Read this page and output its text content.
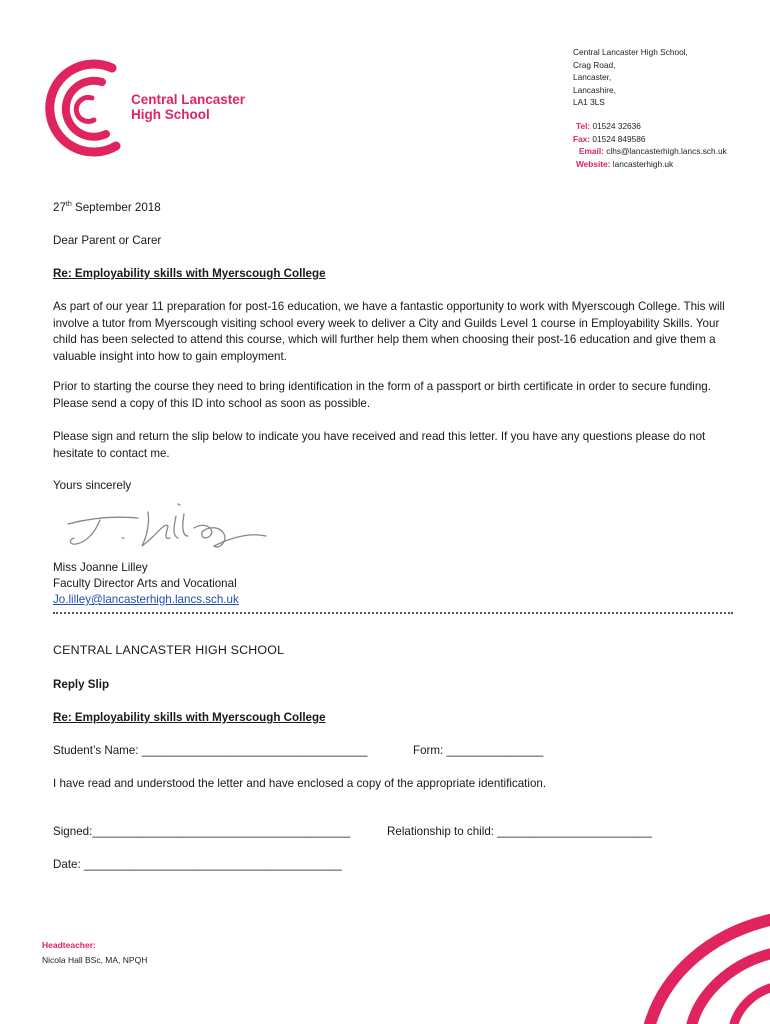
Central Lancaster
High School
Central Lancaster High School,
Crag Road,
Lancaster,
Lancashire,
LA1 3LS
Tel: 01524 32636
Fax: 01524 849586
Email: clhs@lancasterhigh.lancs.sch.uk
Website: lancasterhigh.uk
27th September 2018
Dear Parent or Carer
Re: Employability skills with Myerscough College
As part of our year 11 preparation for post-16 education, we have a fantastic opportunity to work with Myerscough College. This will involve a tutor from Myerscough visiting school every week to deliver a City and Guilds Level 1 course in Employability Skills. Your child has been selected to attend this course, which will further help them when choosing their post-16 education and give them a valuable insight into how to gain employment.
Prior to starting the course they need to bring identification in the form of a passport or birth certificate in order to secure funding. Please send a copy of this ID into school as soon as possible.
Please sign and return the slip below to indicate you have received and read this letter. If you have any questions please do not hesitate to contact me.
Yours sincerely
Miss Joanne Lilley
Faculty Director Arts and Vocational
Jo.lilley@lancasterhigh.lancs.sch.uk
CENTRAL LANCASTER HIGH SCHOOL
Reply Slip
Re: Employability skills with Myerscough College
Student’s Name: ___________________________________	Form: _______________
I have read and understood the letter and have enclosed a copy of the appropriate identification.
Signed:________________________________________	Relationship to child: ________________________
Date: ________________________________________
Headteacher:
Nicola Hall BSc, MA, NPQH
